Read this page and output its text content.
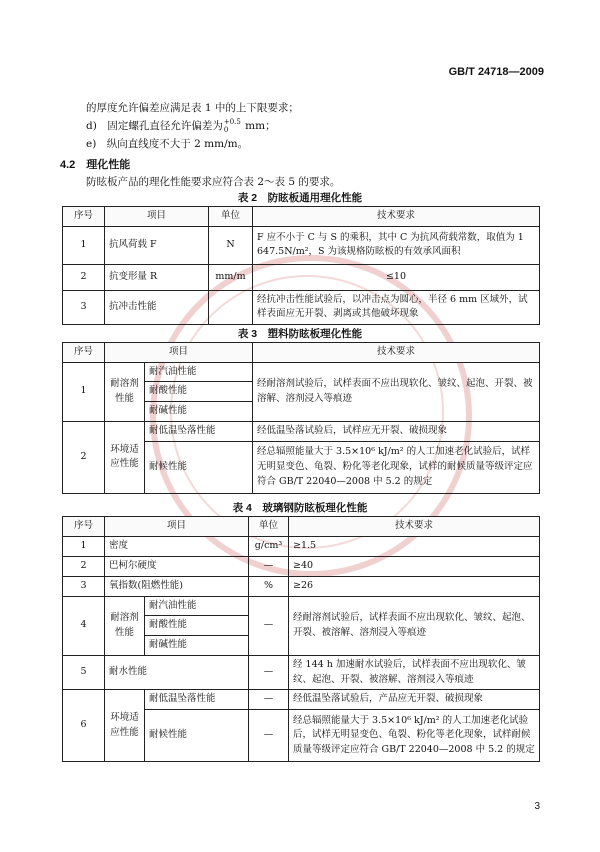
GB/T 24718—2009
的厚度允许偏差应满足表 1 中的上下限要求；
d)　固定螺孔直径允许偏差为+0.5
0 mm；
e)　纵向直线度不大于 2 mm/m。
4.2　 理化性能
防眩板产品的理化性能要求应符合表 2～表 5 的要求。
表 2　防眩板通用理化性能
序号	项目	单位	技术要求
1	抗风荷载 F	N	F 应不小于 C 与 S 的乘积，其中 C 为抗风荷载常数，取值为 1 647.5N/m²，S 为该规格防眩板的有效承风面积
2	抗变形量 R	mm/m	≤10
3	抗冲击性能		经抗冲击性能试验后，以冲击点为圆心，半径 6 mm 区域外，试样表面应无开裂、剥离或其他破坏现象
表 3　塑料防眩板理化性能
序号	项目		技术要求
1	耐溶剂性能	耐汽油性能	经耐溶剂试验后，试样表面不应出现软化、皱纹、起泡、开裂、被溶解、溶剂浸入等痕迹
		耐酸性能	
		耐碱性能	
2	环境适应性能	耐低温坠落性能	经低温坠落试验后，试样应无开裂、破损现象
		耐候性能	经总辐照能量大于 3.5×10⁶ kJ/m² 的人工加速老化试验后，试样无明显变色、龟裂、粉化等老化现象，试样的耐候质量等级评定应符合 GB/T 22040—2008 中 5.2 的规定
表 4　玻璃钢防眩板理化性能
序号	项目		单位	技术要求
1	密度		g/cm³	≥1.5
2	巴柯尔硬度		—	≥40
3	氧指数(阻燃性能)		%	≥26
4	耐溶剂性能	耐汽油性能	—	经耐溶剂试验后，试样表面不应出现软化、皱纹、起泡、开裂、被溶解、溶剂浸入等痕迹
		耐酸性能		
		耐碱性能		
5	耐水性能		—	经 144 h 加速耐水试验后，试样表面不应出现软化、皱纹、起泡、开裂、被溶解、溶剂浸入等痕迹
6	环境适应性能	耐低温坠落性能	—	经低温坠落试验后，产品应无开裂、破损现象
		耐候性能	—	经总辐照能量大于 3.5×10⁶ kJ/m² 的人工加速老化试验后，试样无明显变色、龟裂、粉化等老化现象，试样耐候质量等级评定应符合 GB/T 22040—2008 中 5.2 的规定
3
